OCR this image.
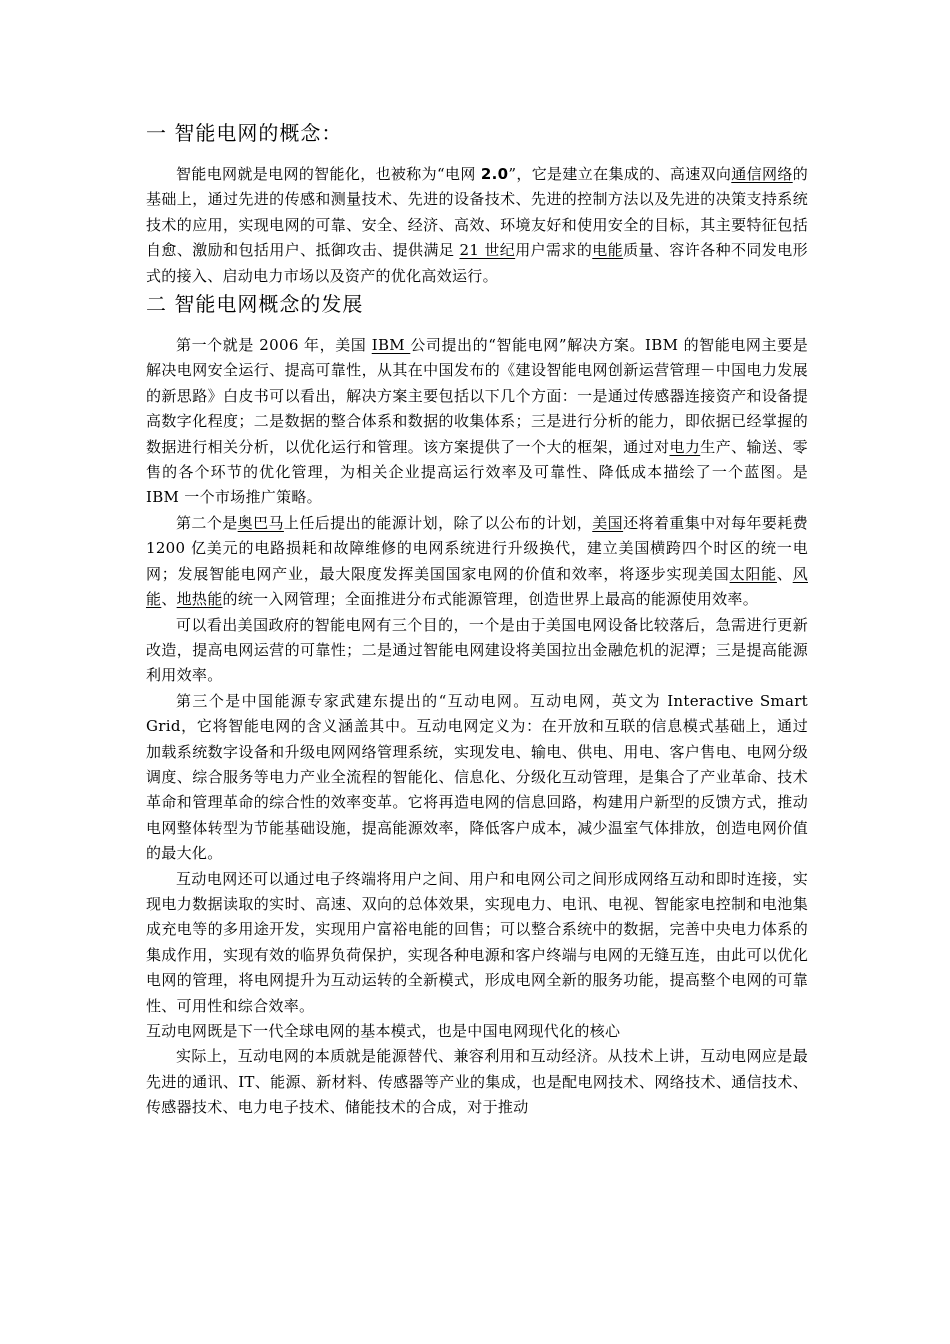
一 智能电网的概念：

智能电网就是电网的智能化，也被称为“电网 2.0”，它是建立在集成的、高速双向通信网络的基础上，通过先进的传感和测量技术、先进的设备技术、先进的控制方法以及先进的决策支持系统技术的应用，实现电网的可靠、安全、经济、高效、环境友好和使用安全的目标，其主要特征包括自愈、激励和包括用户、抵御攻击、提供满足 21 世纪用户需求的电能质量、容许各种不同发电形式的接入、启动电力市场以及资产的优化高效运行。

二 智能电网概念的发展

第一个就是 2006 年，美国 IBM 公司提出的“智能电网”解决方案。IBM 的智能电网主要是解决电网安全运行、提高可靠性，从其在中国发布的《建设智能电网创新运营管理－中国电力发展的新思路》白皮书可以看出，解决方案主要包括以下几个方面：一是通过传感器连接资产和设备提高数字化程度；二是数据的整合体系和数据的收集体系；三是进行分析的能力，即依据已经掌握的数据进行相关分析，以优化运行和管理。该方案提供了一个大的框架，通过对电力生产、输送、零售的各个环节的优化管理，为相关企业提高运行效率及可靠性、降低成本描绘了一个蓝图。是 IBM 一个市场推广策略。

第二个是奥巴马上任后提出的能源计划，除了以公布的计划，美国还将着重集中对每年要耗费 1200 亿美元的电路损耗和故障维修的电网系统进行升级换代，建立美国横跨四个时区的统一电网；发展智能电网产业，最大限度发挥美国国家电网的价值和效率，将逐步实现美国太阳能、风能、地热能的统一入网管理；全面推进分布式能源管理，创造世界上最高的能源使用效率。

可以看出美国政府的智能电网有三个目的，一个是由于美国电网设备比较落后，急需进行更新改造，提高电网运营的可靠性；二是通过智能电网建设将美国拉出金融危机的泥潭；三是提高能源利用效率。

第三个是中国能源专家武建东提出的“互动电网。互动电网，英文为 Interactive Smart Grid，它将智能电网的含义涵盖其中。互动电网定义为：在开放和互联的信息模式基础上，通过加载系统数字设备和升级电网网络管理系统，实现发电、输电、供电、用电、客户售电、电网分级调度、综合服务等电力产业全流程的智能化、信息化、分级化互动管理，是集合了产业革命、技术革命和管理革命的综合性的效率变革。它将再造电网的信息回路，构建用户新型的反馈方式，推动电网整体转型为节能基础设施，提高能源效率，降低客户成本，减少温室气体排放，创造电网价值的最大化。

互动电网还可以通过电子终端将用户之间、用户和电网公司之间形成网络互动和即时连接，实现电力数据读取的实时、高速、双向的总体效果，实现电力、电讯、电视、智能家电控制和电池集成充电等的多用途开发，实现用户富裕电能的回售；可以整合系统中的数据，完善中央电力体系的集成作用，实现有效的临界负荷保护，实现各种电源和客户终端与电网的无缝互连，由此可以优化电网的管理，将电网提升为互动运转的全新模式，形成电网全新的服务功能，提高整个电网的可靠性、可用性和综合效率。

互动电网既是下一代全球电网的基本模式，也是中国电网现代化的核心

实际上，互动电网的本质就是能源替代、兼容利用和互动经济。从技术上讲，互动电网应是最先进的通讯、IT、能源、新材料、传感器等产业的集成，也是配电网技术、网络技术、通信技术、传感器技术、电力电子技术、储能技术的合成，对于推动
